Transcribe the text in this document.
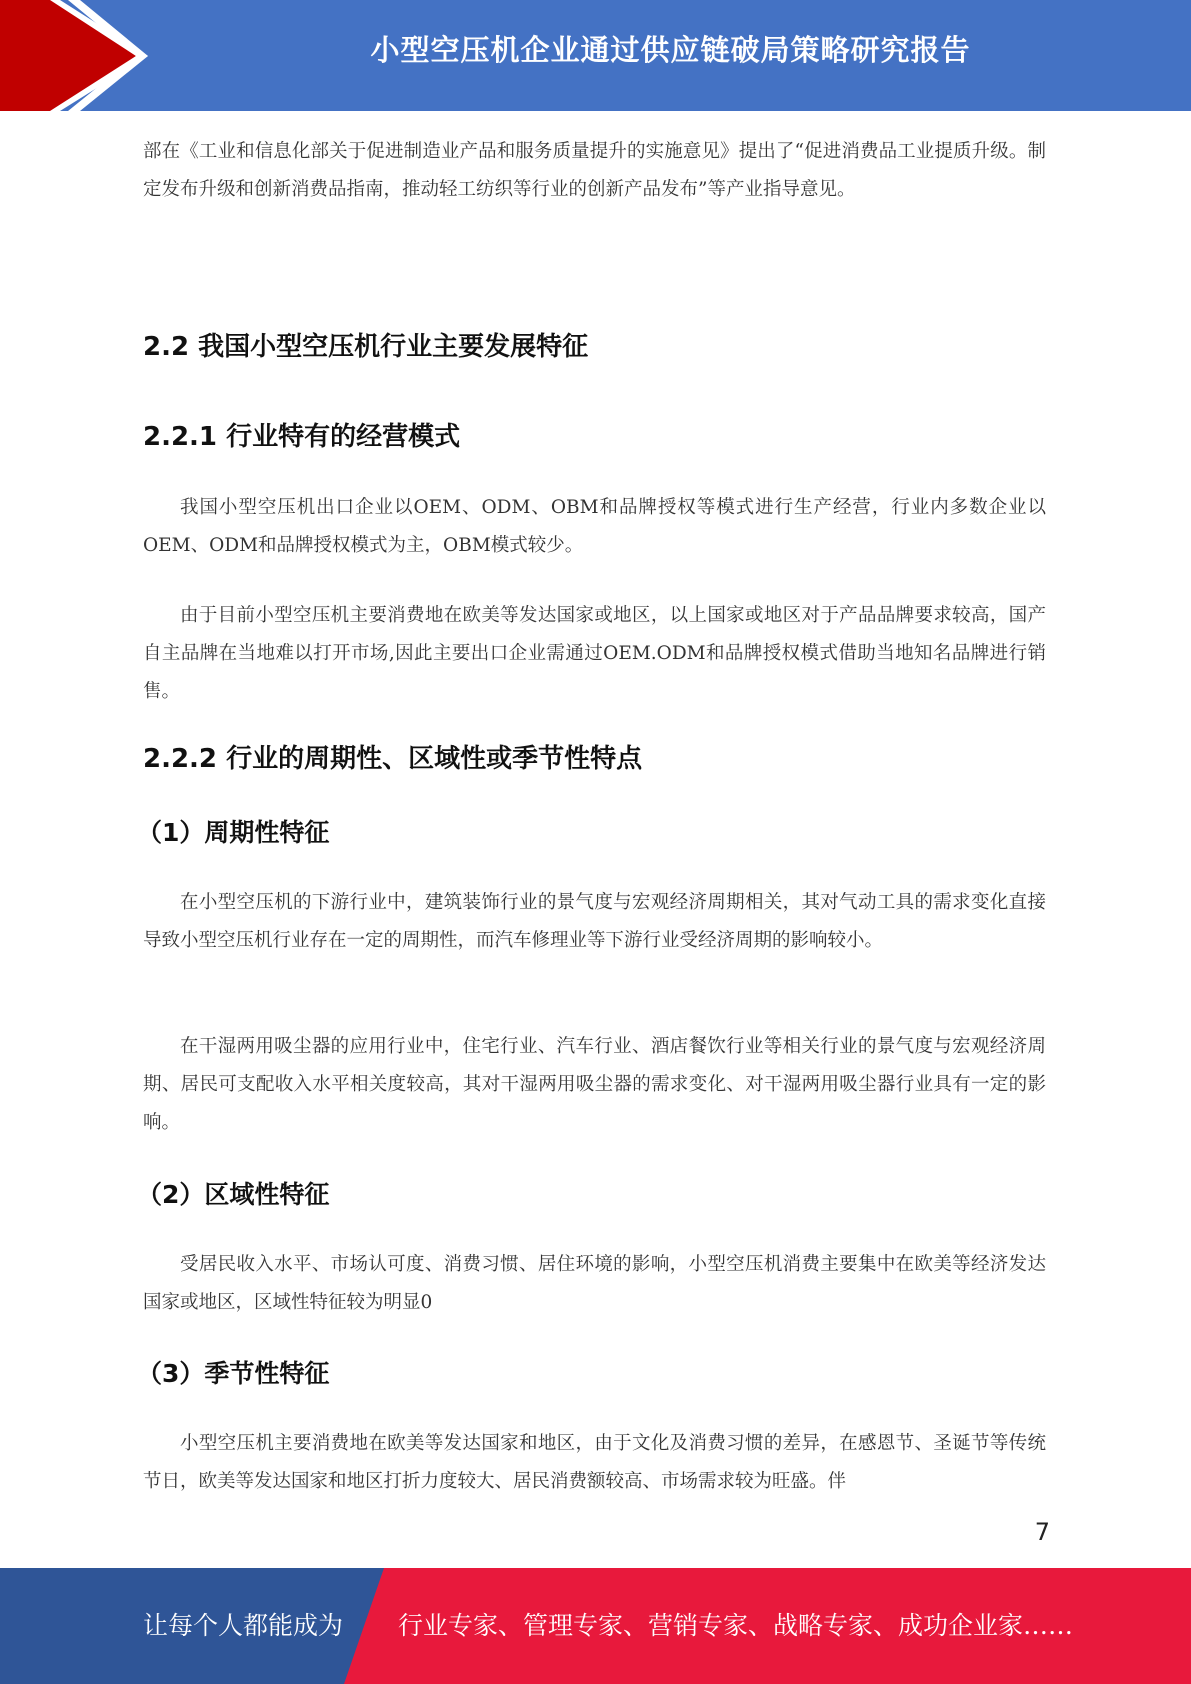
小型空压机企业通过供应链破局策略研究报告

部在《工业和信息化部关于促进制造业产品和服务质量提升的实施意见》提出了“促进消费品工业提质升级。制定发布升级和创新消费品指南，推动轻工纺织等行业的创新产品发布”等产业指导意见。

2.2 我国小型空压机行业主要发展特征
2.2.1 行业特有的经营模式

我国小型空压机出口企业以OEM、ODM、OBM和品牌授权等模式进行生产经营，行业内多数企业以OEM、ODM和品牌授权模式为主，OBM模式较少。

由于目前小型空压机主要消费地在欧美等发达国家或地区，以上国家或地区对于产品品牌要求较高，国产自主品牌在当地难以打开市场,因此主要出口企业需通过OEM.ODM和品牌授权模式借助当地知名品牌进行销售。

2.2.2 行业的周期性、区域性或季节性特点
（1）周期性特征

在小型空压机的下游行业中，建筑装饰行业的景气度与宏观经济周期相关，其对气动工具的需求变化直接导致小型空压机行业存在一定的周期性，而汽车修理业等下游行业受经济周期的影响较小。

在干湿两用吸尘器的应用行业中，住宅行业、汽车行业、酒店餐饮行业等相关行业的景气度与宏观经济周期、居民可支配收入水平相关度较高，其对干湿两用吸尘器的需求变化、对干湿两用吸尘器行业具有一定的影响。

（2）区域性特征

受居民收入水平、市场认可度、消费习惯、居住环境的影响，小型空压机消费主要集中在欧美等经济发达国家或地区，区域性特征较为明显0

（3）季节性特征

小型空压机主要消费地在欧美等发达国家和地区，由于文化及消费习惯的差异，在感恩节、圣诞节等传统节日，欧美等发达国家和地区打折力度较大、居民消费额较高、市场需求较为旺盛。伴

7
让每个人都能成为 行业专家、管理专家、营销专家、战略专家、成功企业家……
